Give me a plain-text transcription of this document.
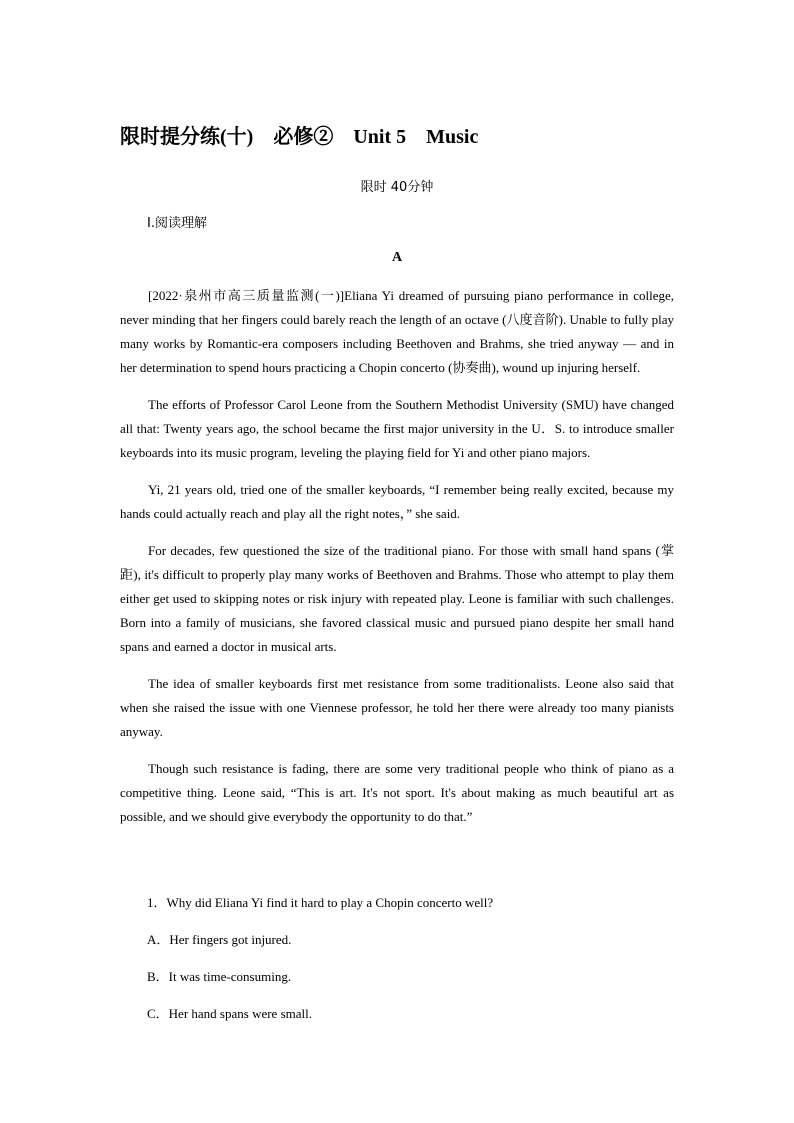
限时提分练(十)　必修②　Unit 5　Music
限时 40分钟
Ⅰ.阅读理解
A

[2022·泉州市高三质量监测(一)]Eliana Yi dreamed of pursuing piano performance in college, never minding that her fingers could barely reach the length of an octave (八度音阶). Unable to fully play many works by Romantic-era composers including Beethoven and Brahms, she tried anyway — and in her determination to spend hours practicing a Chopin concerto (协奏曲), wound up injuring herself.

The efforts of Professor Carol Leone from the Southern Methodist University (SMU) have changed all that: Twenty years ago, the school became the first major university in the U．S. to introduce smaller keyboards into its music program, leveling the playing field for Yi and other piano majors.

Yi, 21 years old, tried one of the smaller keyboards, “I remember being really excited, because my hands could actually reach and play all the right notes，” she said.

For decades, few questioned the size of the traditional piano. For those with small hand spans (掌距), it's difficult to properly play many works of Beethoven and Brahms. Those who attempt to play them either get used to skipping notes or risk injury with repeated play. Leone is familiar with such challenges. Born into a family of musicians, she favored classical music and pursued piano despite her small hand spans and earned a doctor in musical arts.

The idea of smaller keyboards first met resistance from some traditionalists. Leone also said that when she raised the issue with one Viennese professor, he told her there were already too many pianists anyway.

Though such resistance is fading, there are some very traditional people who think of piano as a competitive thing. Leone said, “This is art. It's not sport. It's about making as much beautiful art as possible, and we should give everybody the opportunity to do that.”

1．Why did Eliana Yi find it hard to play a Chopin concerto well?

A．Her fingers got injured.

B．It was time-consuming.

C．Her hand spans were small.
